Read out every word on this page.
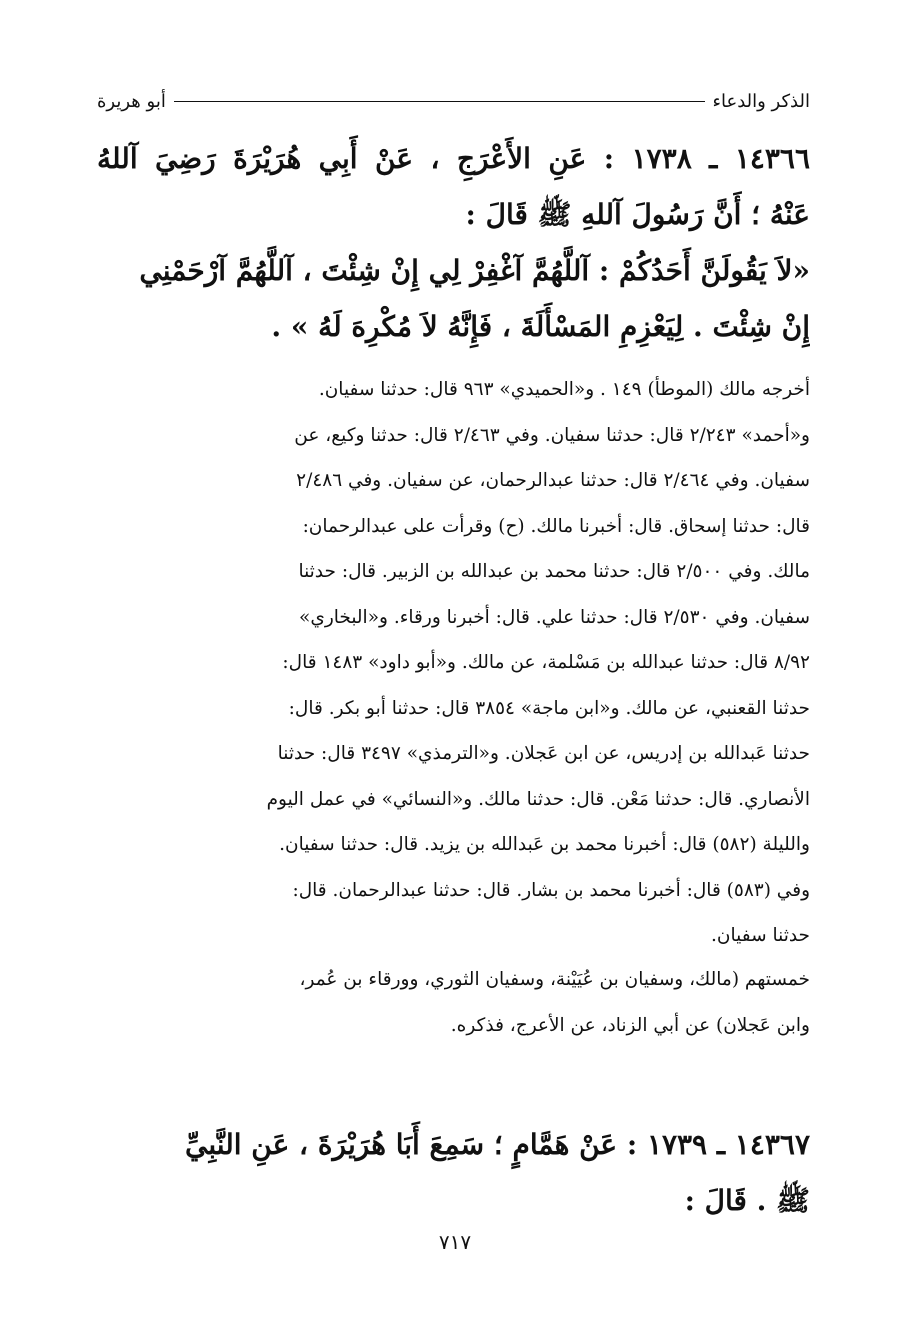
الذكر والدعاء
أبو هريرة
١٤٣٦٦ ـ ١٧٣٨ : عَنِ الأَعْرَجِ ، عَنْ أَبِي هُرَيْرَةَ رَضِيَ آللهُ
عَنْهُ ؛ أَنَّ رَسُولَ آللهِ ﷺ قَالَ :
«لاَ يَقُولَنَّ أَحَدُكُمْ : آللَّهُمَّ آغْفِرْ لِي إِنْ شِئْتَ ، آللَّهُمَّ آرْحَمْنِي
إِنْ شِئْتَ . لِيَعْزِمِ المَسْأَلَةَ ، فَإِنَّهُ لاَ مُكْرِهَ لَهُ » .
أخرجه مالك (الموطأ) ١٤٩ . و«الحميدي» ٩٦٣ قال: حدثنا سفيان.
و«أحمد» ٢/٢٤٣ قال: حدثنا سفيان. وفي ٢/٤٦٣ قال: حدثنا وكيع، عن
سفيان. وفي ٢/٤٦٤ قال: حدثنا عبدالرحمان، عن سفيان. وفي ٢/٤٨٦
قال: حدثنا إسحاق. قال: أخبرنا مالك. (ح) وقرأت على عبدالرحمان:
مالك. وفي ٢/٥٠٠ قال: حدثنا محمد بن عبدالله بن الزبير. قال: حدثنا
سفيان. وفي ٢/٥٣٠ قال: حدثنا علي. قال: أخبرنا ورقاء. و«البخاري»
٨/٩٢ قال: حدثنا عبدالله بن مَسْلمة، عن مالك. و«أبو داود» ١٤٨٣ قال:
حدثنا القعنبي، عن مالك. و«ابن ماجة» ٣٨٥٤ قال: حدثنا أبو بكر. قال:
حدثنا عَبدالله بن إدريس، عن ابن عَجلان. و«الترمذي» ٣٤٩٧ قال: حدثنا
الأنصاري. قال: حدثنا مَعْن. قال: حدثنا مالك. و«النسائي» في عمل اليوم
والليلة (٥٨٢) قال: أخبرنا محمد بن عَبدالله بن يزيد. قال: حدثنا سفيان.
وفي (٥٨٣) قال: أخبرنا محمد بن بشار. قال: حدثنا عبدالرحمان. قال:
حدثنا سفيان.
خمستهم (مالك، وسفيان بن عُيَيْنة، وسفيان الثوري، وورقاء بن عُمر،
وابن عَجلان) عن أبي الزناد، عن الأعرج، فذكره.
١٤٣٦٧ ـ ١٧٣٩ : عَنْ هَمَّامٍ ؛ سَمِعَ أَبَا هُرَيْرَةَ ، عَنِ النَّبِيِّ
ﷺ . قَالَ :
٧١٧
